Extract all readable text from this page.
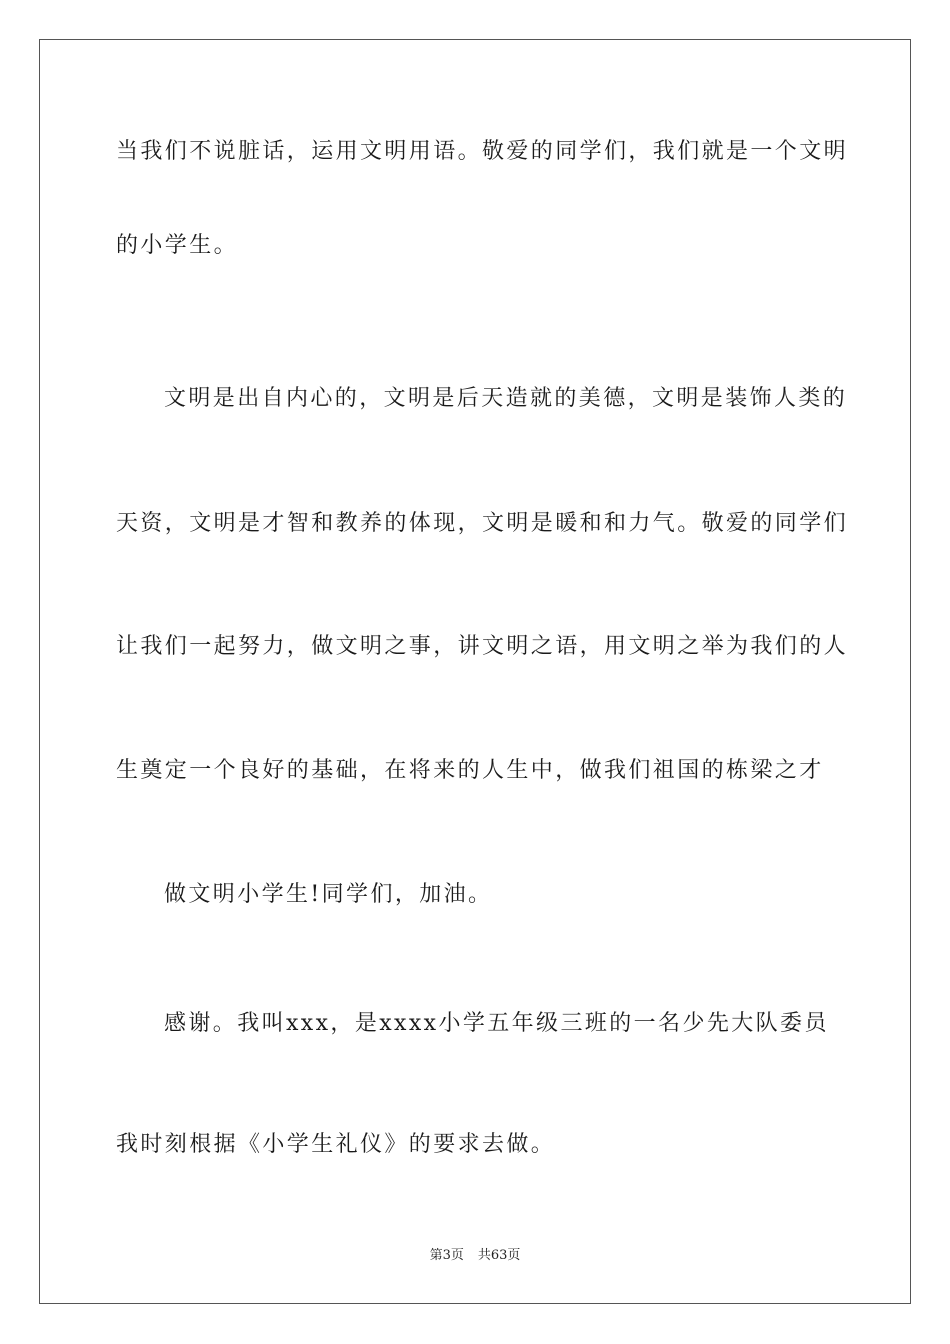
当我们不说脏话，运用文明用语。敬爱的同学们，我们就是一个文明
的小学生。
文明是出自内心的，文明是后天造就的美德，文明是装饰人类的
天资，文明是才智和教养的体现，文明是暖和和力气。敬爱的同学们
让我们一起努力，做文明之事，讲文明之语，用文明之举为我们的人
生奠定一个良好的基础，在将来的人生中，做我们祖国的栋梁之才
做文明小学生!同学们，加油。
感谢。我叫xxx，是xxxx小学五年级三班的一名少先大队委员
我时刻根据《小学生礼仪》的要求去做。
第3页 共63页
